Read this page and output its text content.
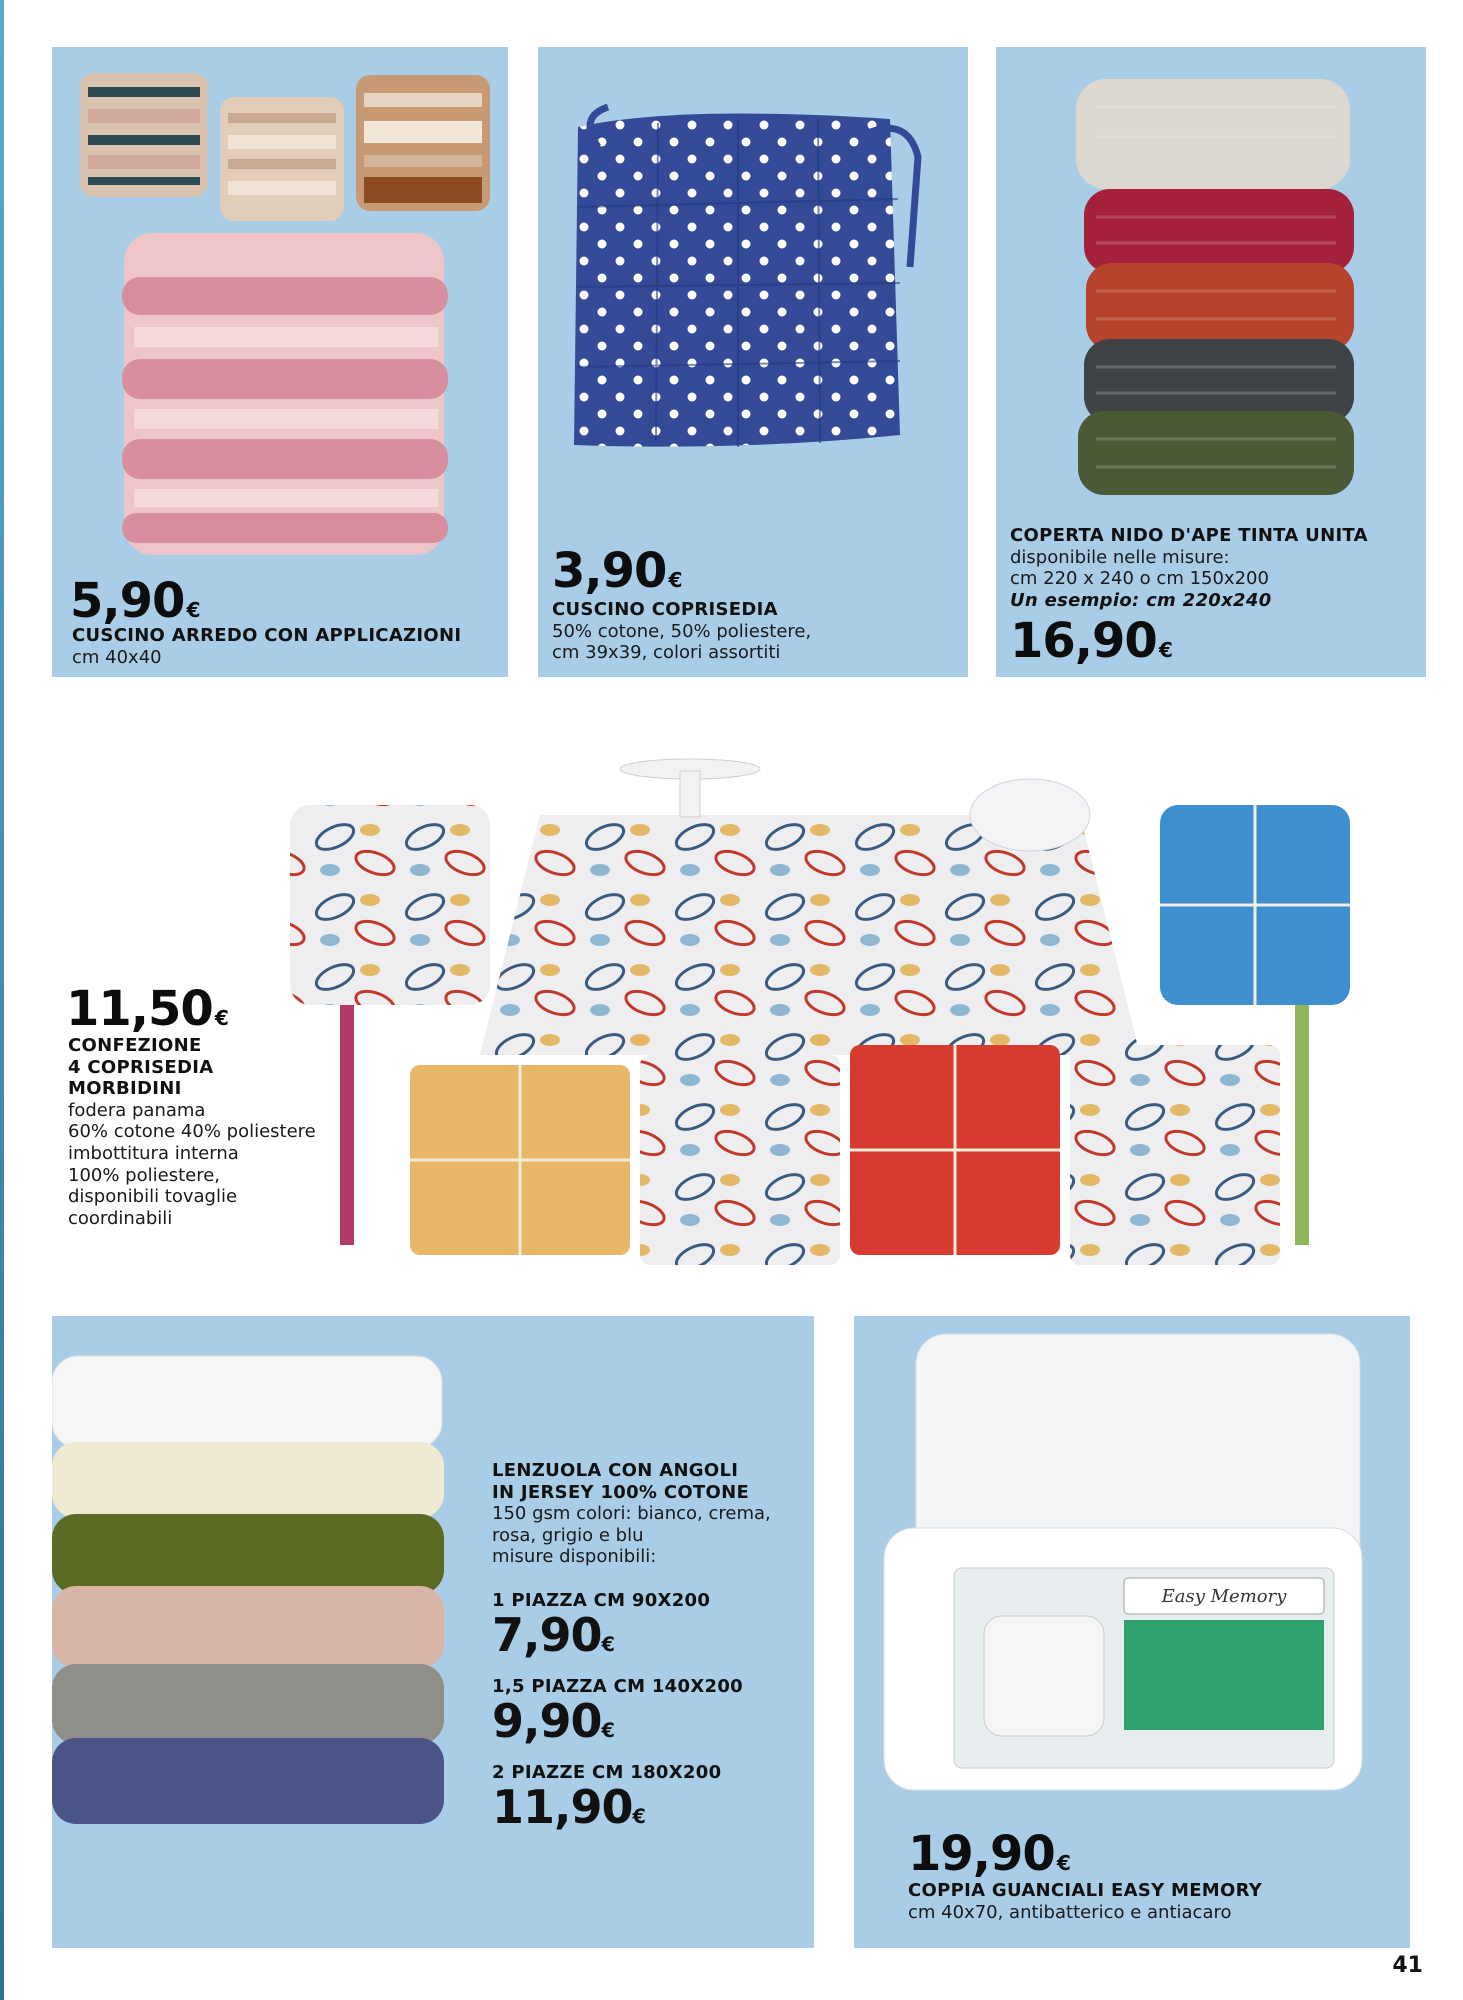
5,90€
CUSCINO ARREDO CON APPLICAZIONI
cm 40x40
3,90€
CUSCINO COPRISEDIA
50% cotone, 50% poliestere,
cm 39x39, colori assortiti
COPERTA NIDO D'APE TINTA UNITA
disponibile nelle misure:
cm 220 x 240 o cm 150x200
Un esempio: cm 220x240
16,90€
11,50€
CONFEZIONE
4 COPRISEDIA
MORBIDINI
fodera panama
60% cotone 40% poliestere
imbottitura interna
100% poliestere,
disponibili tovaglie
coordinabili
LENZUOLA CON ANGOLI
IN JERSEY 100% COTONE
150 gsm colori: bianco, crema,
rosa, grigio e blu
misure disponibili:
1 PIAZZA CM 90X200
7,90€
1,5 PIAZZA CM 140X200
9,90€
2 PIAZZE CM 180X200
11,90€
Easy Memory
19,90€
COPPIA GUANCIALI EASY MEMORY
cm 40x70, antibatterico e antiacaro
41
